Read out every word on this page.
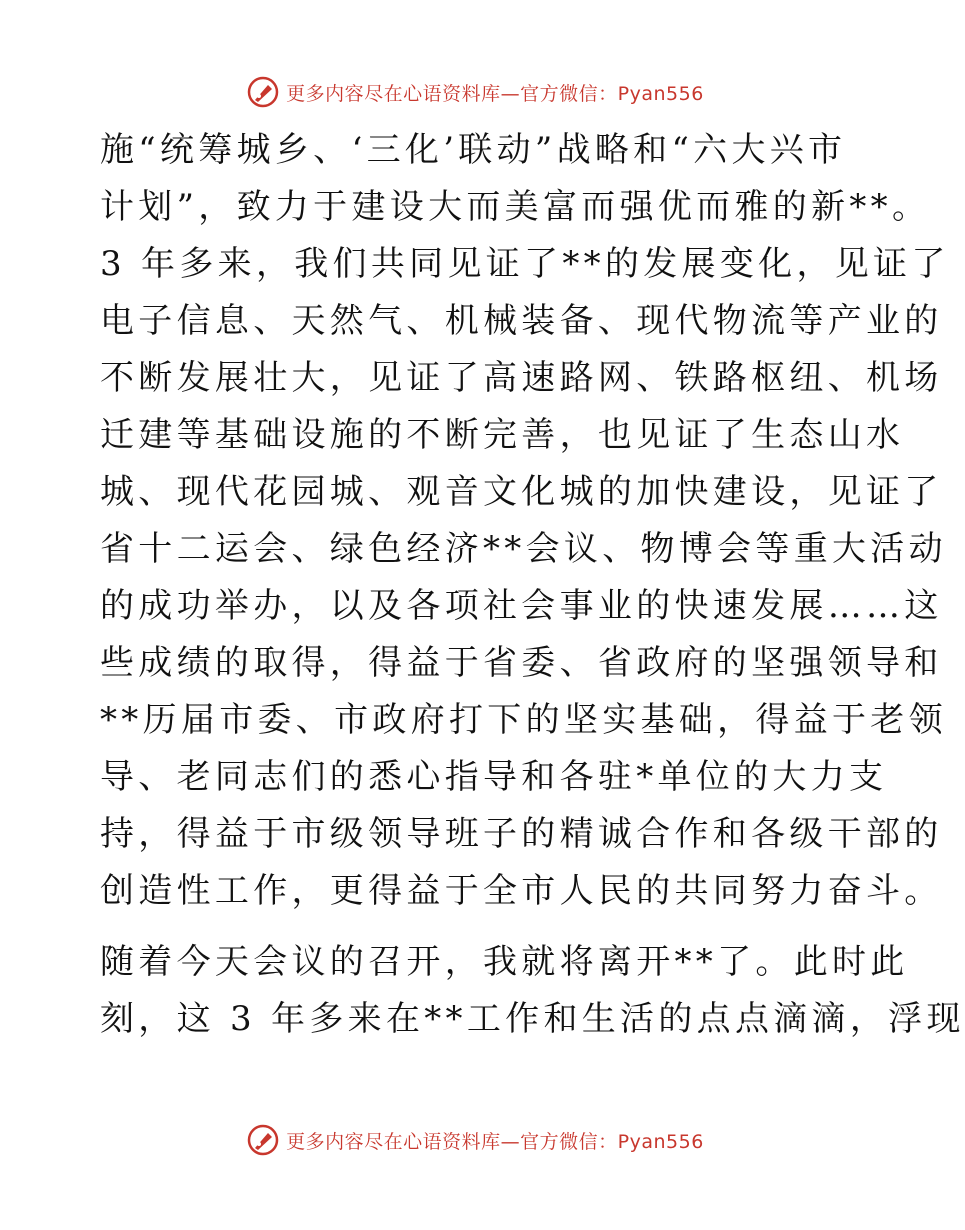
更多内容尽在心语资料库—官方微信：Pyan556
施“统筹城乡、‘三化’联动”战略和“六大兴市
计划”，致力于建设大而美富而强优而雅的新**。
3 年多来，我们共同见证了**的发展变化，见证了
电子信息、天然气、机械装备、现代物流等产业的
不断发展壮大，见证了高速路网、铁路枢纽、机场
迁建等基础设施的不断完善，也见证了生态山水
城、现代花园城、观音文化城的加快建设，见证了
省十二运会、绿色经济**会议、物博会等重大活动
的成功举办，以及各项社会事业的快速发展……这
些成绩的取得，得益于省委、省政府的坚强领导和
**历届市委、市政府打下的坚实基础，得益于老领
导、老同志们的悉心指导和各驻*单位的大力支
持，得益于市级领导班子的精诚合作和各级干部的
创造性工作，更得益于全市人民的共同努力奋斗。
随着今天会议的召开，我就将离开**了。此时此
刻，这 3 年多来在**工作和生活的点点滴滴，浮现
更多内容尽在心语资料库—官方微信：Pyan556
